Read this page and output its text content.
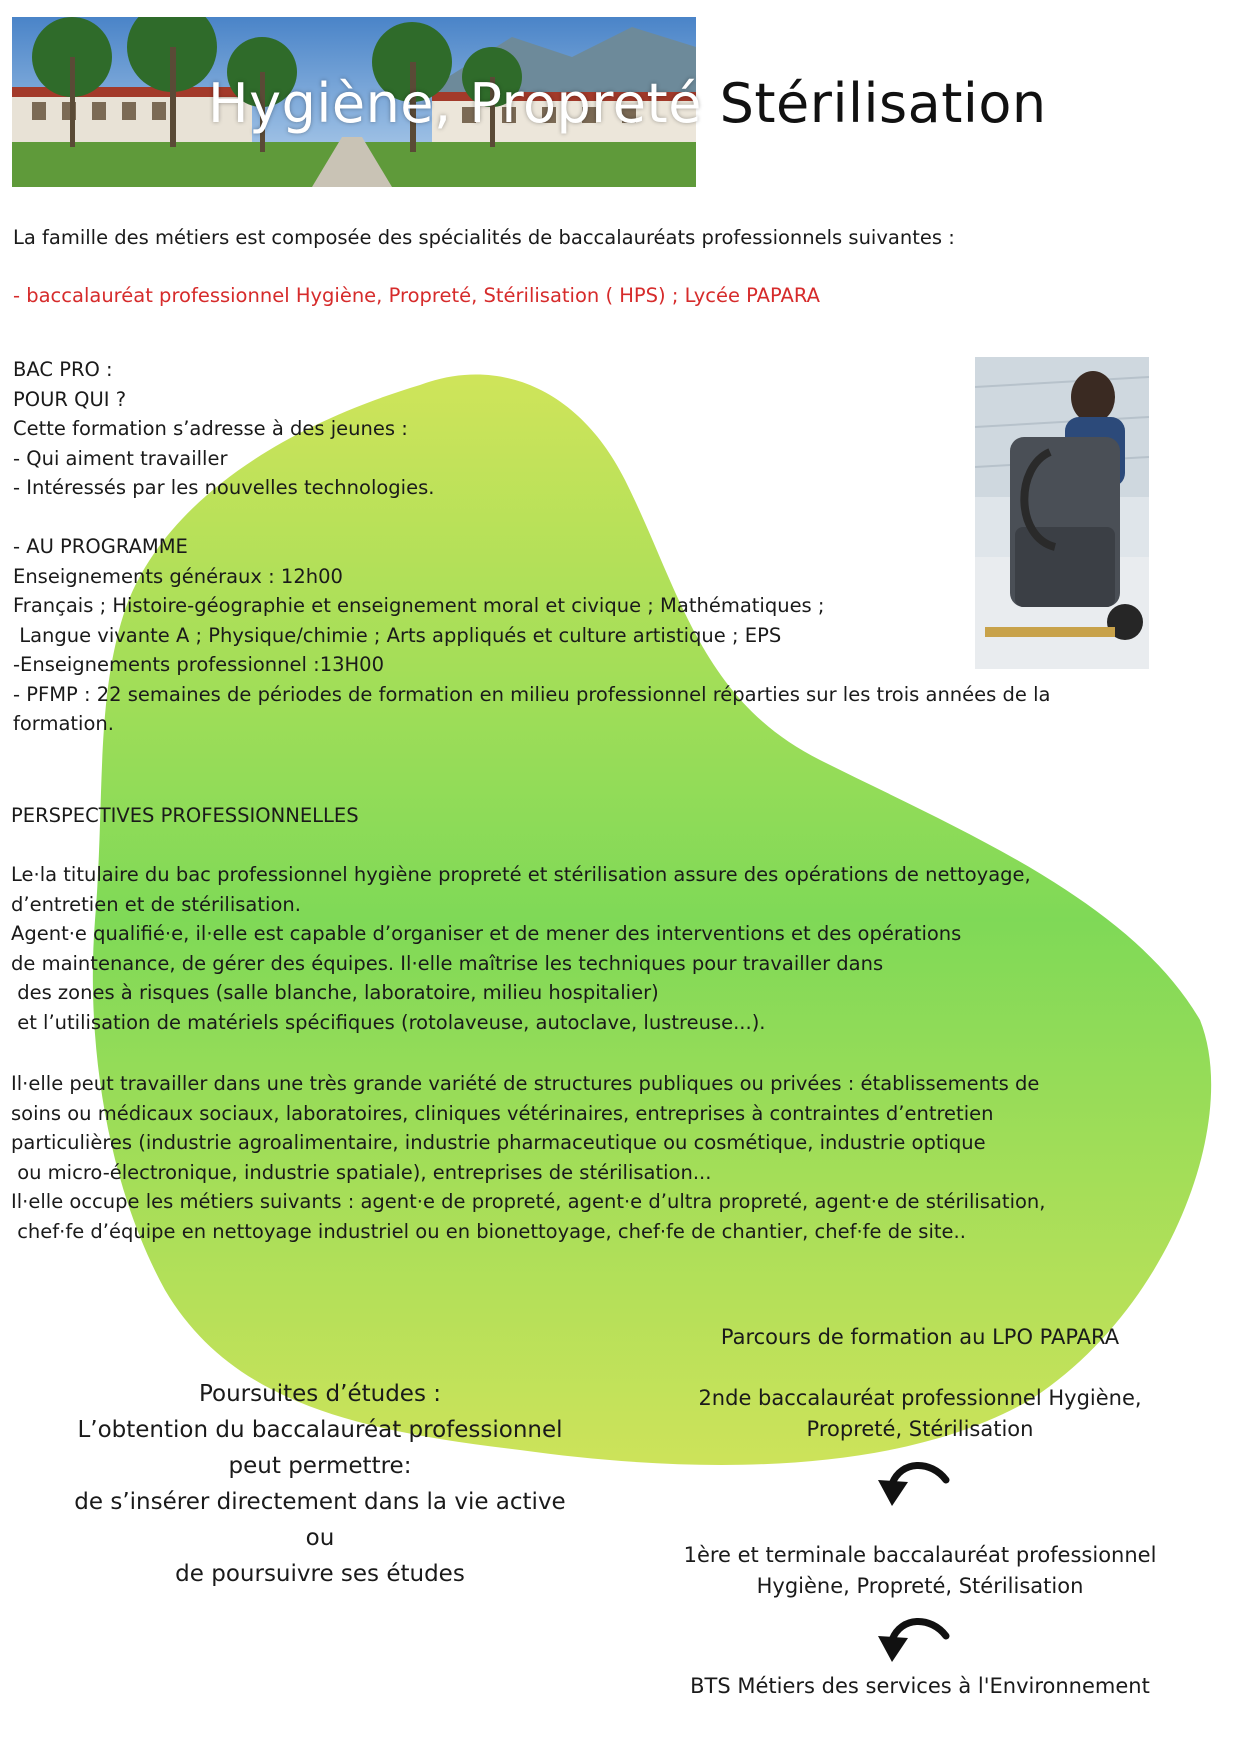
Hygiène, Propreté Stérilisation

La famille des métiers est composée des spécialités de baccalauréats professionnels suivantes :

- baccalauréat professionnel Hygiène, Propreté, Stérilisation ( HPS) ; Lycée PAPARA

BAC PRO :

POUR QUI ?

Cette formation s’adresse à des jeunes :

- Qui aiment travailler

- Intéressés par les nouvelles technologies.

- AU PROGRAMME

Enseignements généraux : 12h00

Français ; Histoire-géographie et enseignement moral et civique ; Mathématiques ;

Langue vivante A ; Physique/chimie ; Arts appliqués et culture artistique ; EPS

-Enseignements professionnel :13H00

- PFMP : 22 semaines de périodes de formation en milieu professionnel réparties sur les trois années de la

formation.

PERSPECTIVES PROFESSIONNELLES

Le·la titulaire du bac professionnel hygiène propreté et stérilisation assure des opérations de nettoyage,

d’entretien et de stérilisation.

Agent·e qualifié·e, il·elle est capable d’organiser et de mener des interventions et des opérations

de maintenance, de gérer des équipes. Il·elle maîtrise les techniques pour travailler dans

des zones à risques (salle blanche, laboratoire, milieu hospitalier)

et l’utilisation de matériels spécifiques (rotolaveuse, autoclave, lustreuse...).

Il·elle peut travailler dans une très grande variété de structures publiques ou privées : établissements de

soins ou médicaux sociaux, laboratoires, cliniques vétérinaires, entreprises à contraintes d’entretien

particulières (industrie agroalimentaire, industrie pharmaceutique ou cosmétique, industrie optique

ou micro-électronique, industrie spatiale), entreprises de stérilisation...

Il·elle occupe les métiers suivants : agent·e de propreté, agent·e d’ultra propreté, agent·e de stérilisation,

chef·fe d’équipe en nettoyage industriel ou en bionettoyage, chef·fe de chantier, chef·fe de site..

Poursuites d’études :

L’obtention du baccalauréat professionnel

peut permettre:

de s’insérer directement dans la vie active

ou

de poursuivre ses études

Parcours de formation au LPO PAPARA

2nde baccalauréat professionnel Hygiène,

Propreté, Stérilisation

1ère et terminale baccalauréat professionnel

Hygiène, Propreté, Stérilisation

BTS Métiers des services à l'Environnement
